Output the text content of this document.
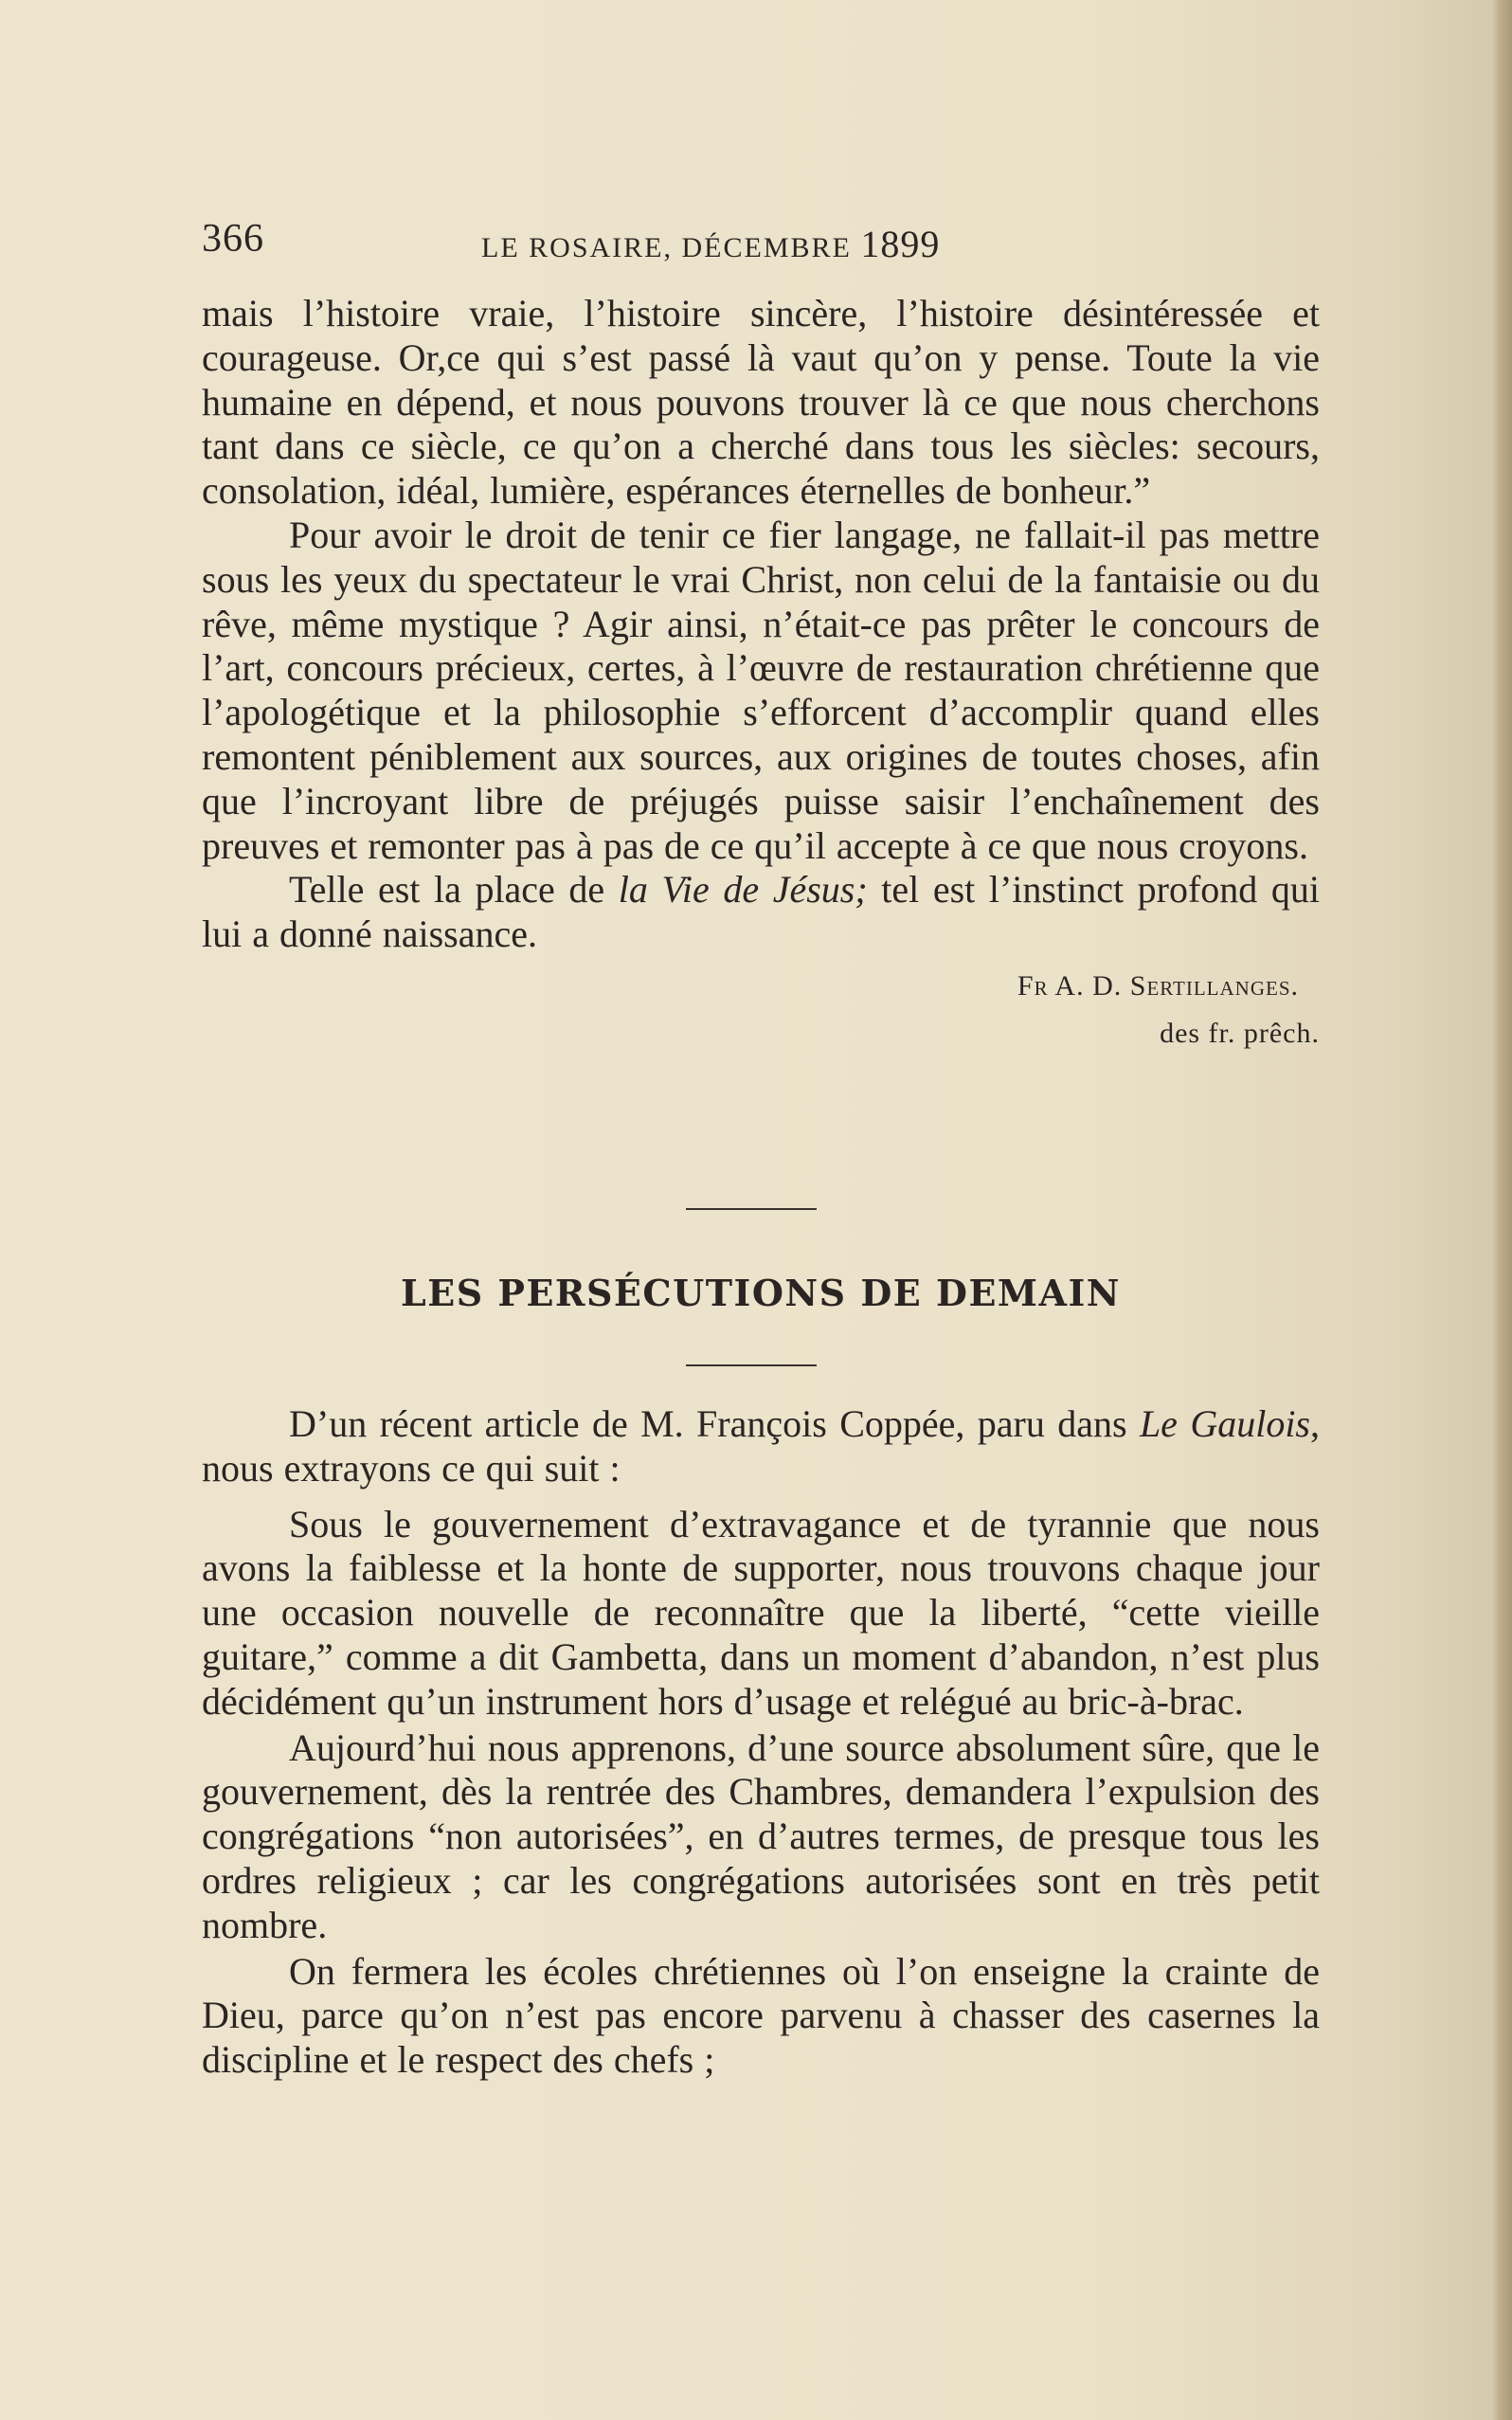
366	LE ROSAIRE, DÉCEMBRE 1899

mais l’histoire vraie, l’histoire sincère, l’histoire désintéressée et courageuse. Or,ce qui s’est passé là vaut qu’on y pense. Toute la vie humaine en dépend, et nous pouvons trouver là ce que nous cherchons tant dans ce siècle, ce qu’on a cherché dans tous les siècles: secours, consolation, idéal, lumière, espérances éternelles de bonheur.”

Pour avoir le droit de tenir ce fier langage, ne fallait-il pas mettre sous les yeux du spectateur le vrai Christ, non celui de la fantaisie ou du rêve, même mystique ? Agir ainsi, n’était-ce pas prêter le concours de l’art, concours précieux, certes, à l’œuvre de restauration chrétienne que l’apologétique et la philosophie s’efforcent d’accomplir quand elles remontent péniblement aux sources, aux origines de toutes choses, afin que l’incroyant libre de préjugés puisse saisir l’enchaînement des preuves et remonter pas à pas de ce qu’il accepte à ce que nous croyons.

Telle est la place de la Vie de Jésus; tel est l’instinct profond qui lui a donné naissance.

Fr A. D. Sertillanges.
des fr. prêch.
LES PERSÉCUTIONS DE DEMAIN

D’un récent article de M. François Coppée, paru dans Le Gaulois, nous extrayons ce qui suit :

Sous le gouvernement d’extravagance et de tyrannie que nous avons la faiblesse et la honte de supporter, nous trouvons chaque jour une occasion nouvelle de reconnaître que la liberté, “cette vieille guitare,” comme a dit Gambetta, dans un moment d’abandon, n’est plus décidément qu’un instrument hors d’usage et relégué au bric-à-brac.

Aujourd’hui nous apprenons, d’une source absolument sûre, que le gouvernement, dès la rentrée des Chambres, demandera l’expulsion des congrégations “non autorisées”, en d’autres termes, de presque tous les ordres religieux ; car les congrégations autorisées sont en très petit nombre.

On fermera les écoles chrétiennes où l’on enseigne la crainte de Dieu, parce qu’on n’est pas encore parvenu à chasser des casernes la discipline et le respect des chefs ;
